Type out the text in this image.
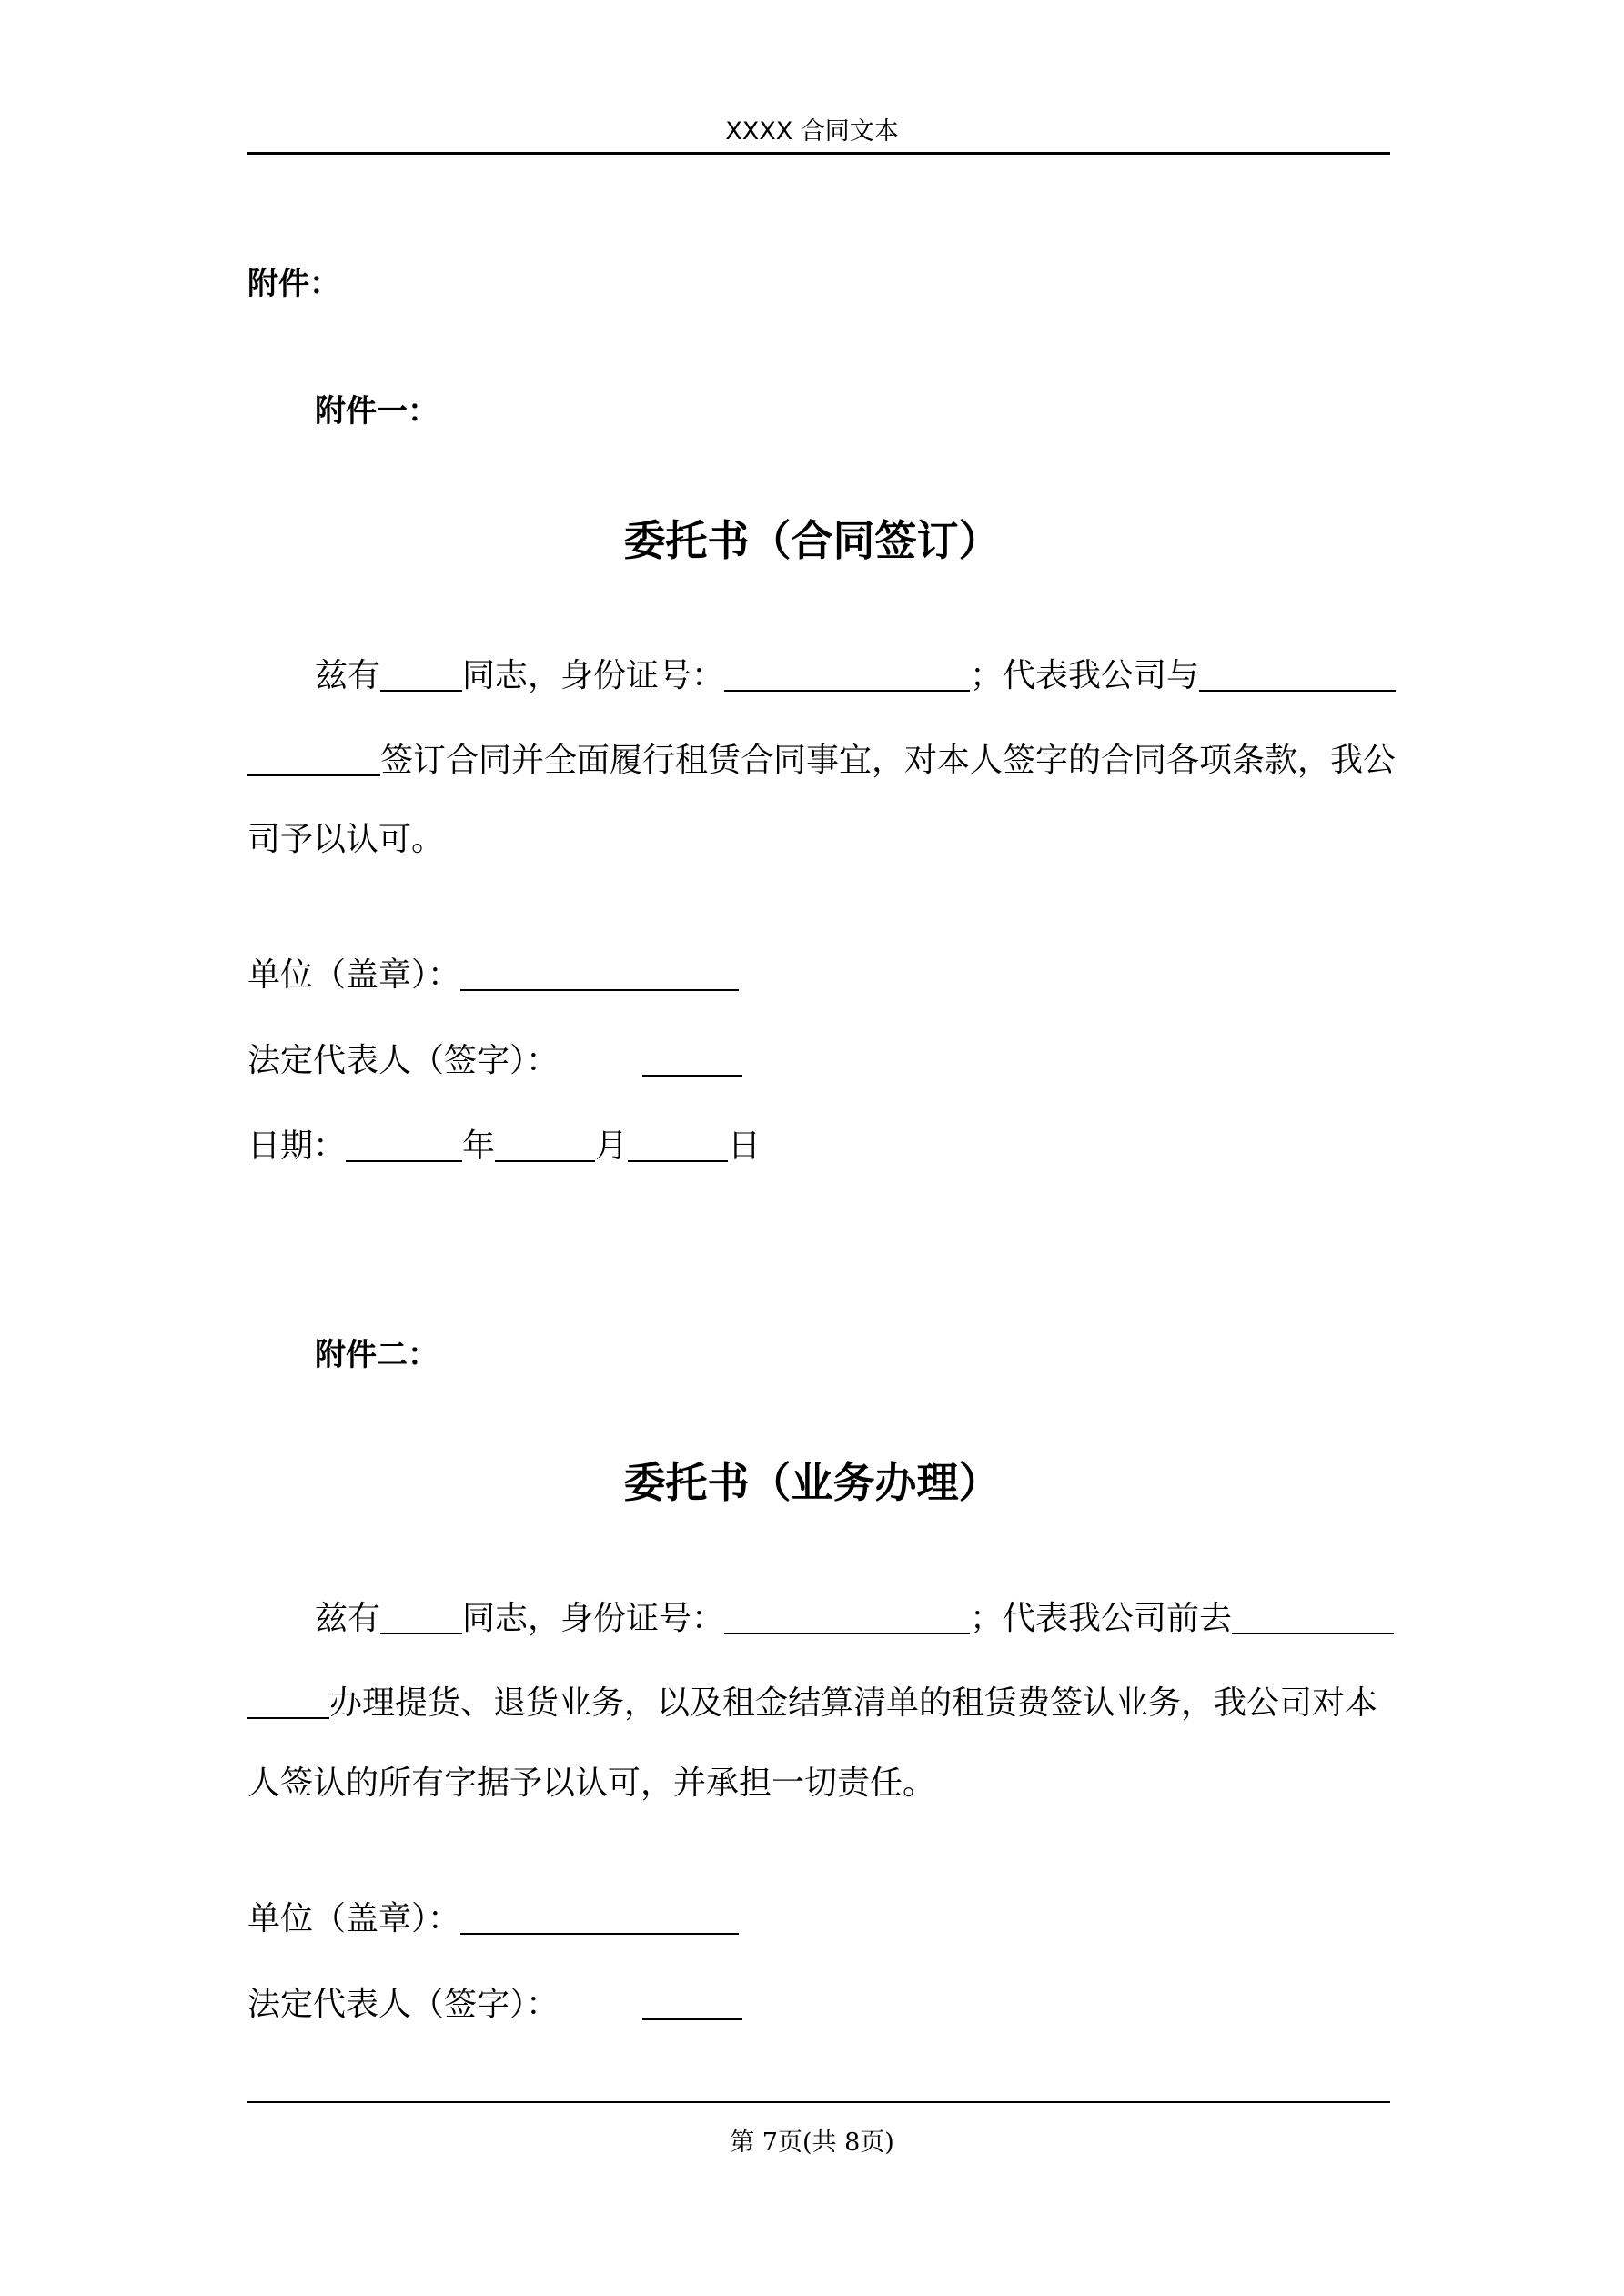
XXXX 合同文本
附件：
附件一：
委托书（合同签订）
兹有	同志，身份证号：	；代表我公司与
签订合同并全面履行租赁合同事宜，对本人签字的合同各项条款，我公
司予以认可。
单位（盖章）：
法定代表人（签字）：
日期：	年	月	日
附件二：
委托书（业务办理）
兹有	同志，身份证号：	；代表我公司前去
办理提货、退货业务，以及租金结算清单的租赁费签认业务，我公司对本
人签认的所有字据予以认可，并承担一切责任。
单位（盖章）：
法定代表人（签字）：
第 7页(共 8页)
